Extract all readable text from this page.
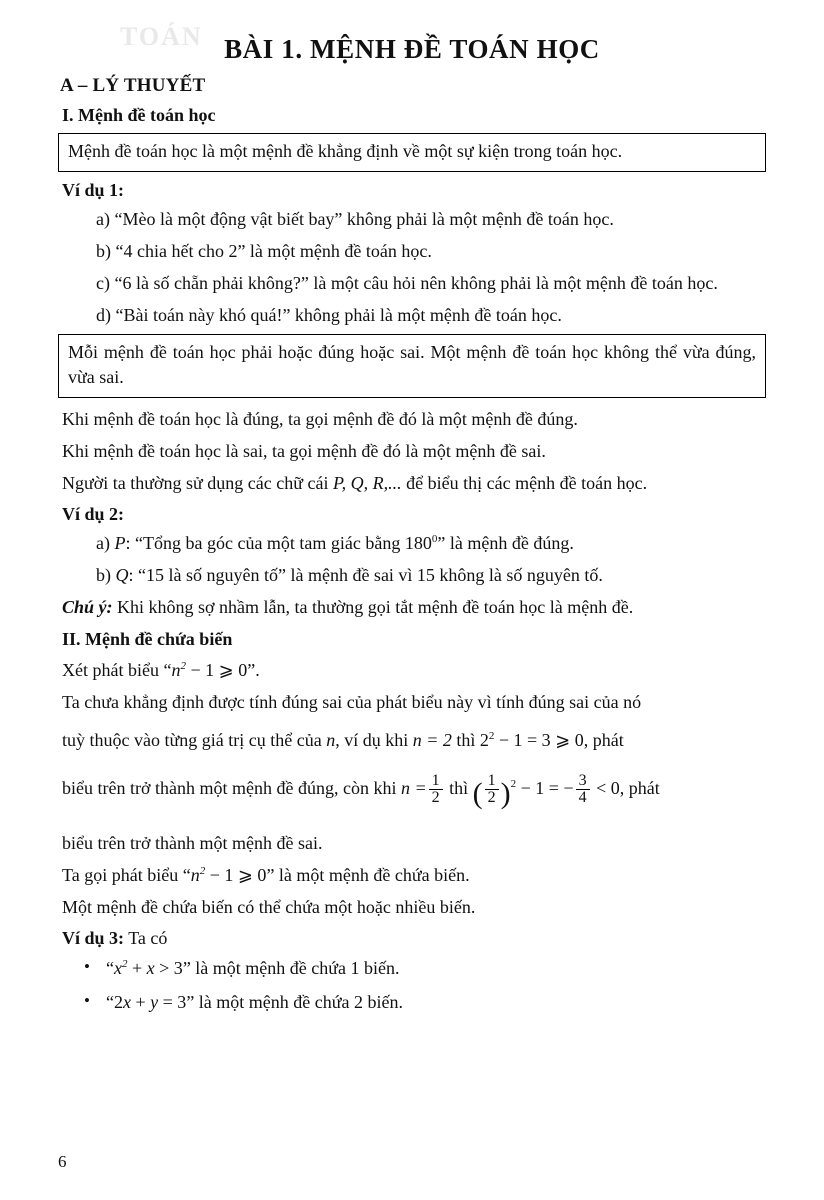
TOÁN BÀI 1. MỆNH ĐỀ TOÁN HỌC
A – LÝ THUYẾT
I. Mệnh đề toán học
Mệnh đề toán học là một mệnh đề khẳng định về một sự kiện trong toán học.
Ví dụ 1:
a) “Mèo là một động vật biết bay” không phải là một mệnh đề toán học.
b) “4 chia hết cho 2” là một mệnh đề toán học.
c) “6 là số chẵn phải không?” là một câu hỏi nên không phải là một mệnh đề toán học.
d) “Bài toán này khó quá!” không phải là một mệnh đề toán học.
Mỗi mệnh đề toán học phải hoặc đúng hoặc sai. Một mệnh đề toán học không thể vừa đúng, vừa sai.
Khi mệnh đề toán học là đúng, ta gọi mệnh đề đó là một mệnh đề đúng.
Khi mệnh đề toán học là sai, ta gọi mệnh đề đó là một mệnh đề sai.
Người ta thường sử dụng các chữ cái P, Q, R,... để biểu thị các mệnh đề toán học.
Ví dụ 2:
a) P: “Tổng ba góc của một tam giác bằng $180^0$” là mệnh đề đúng.
b) Q: “15 là số nguyên tố” là mệnh đề sai vì 15 không là số nguyên tố.
Chú ý: Khi không sợ nhầm lẫn, ta thường gọi tắt mệnh đề toán học là mệnh đề.
II. Mệnh đề chứa biến
Xét phát biểu “$n^2 - 1$ ⩾ 0”.
Ta chưa khẳng định được tính đúng sai của phát biểu này vì tính đúng sai của nó
tuỳ thuộc vào từng giá trị cụ thể của n, ví dụ khi n = 2 thì $2^2 - 1 = 3$ ⩾ 0, phát
biểu trên trở thành một mệnh đề đúng, còn khi $n = \frac{1}{2}$ thì ( $\frac{1}{2} )^2 - 1$ = − $\frac{3}{4} < 0$, phát
biểu trên trở thành một mệnh đề sai.
Ta gọi phát biểu “$n^2 - 1$ ⩾ 0” là một mệnh đề chứa biến.
Một mệnh đề chứa biến có thể chứa một hoặc nhiều biến.
Ví dụ 3: Ta có
• “$x^2 + x > 3$” là một mệnh đề chứa 1 biến.
• “2x + y = 3” là một mệnh đề chứa 2 biến.
6
